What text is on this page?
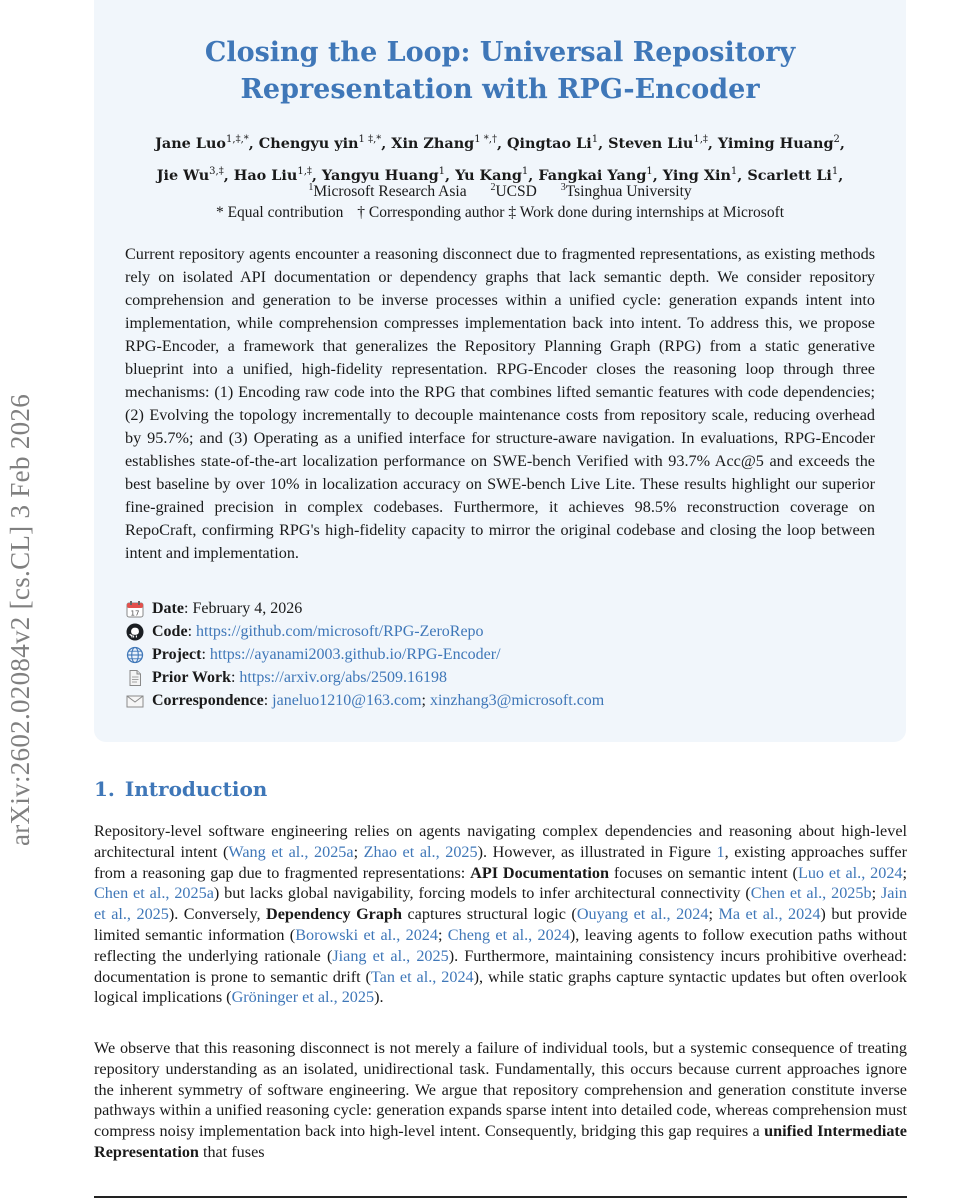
arXiv:2602.02084v2 [cs.CL] 3 Feb 2026
Closing the Loop: Universal Repository
Representation with RPG-Encoder
Jane Luo$^{1,\ddagger,*}$, Chengyu yin$^{1 \ddagger,*}$, Xin Zhang$^{1 *,\dagger}$, Qingtao Li$^1$, Steven Liu$^{1,\ddagger}$, Yiming Huang$^2$,
Jie $Wu^{3,\ddagger}$, Hao Liu$^{1,\ddagger}$, Yangyu Huang$^1$, Yu Kang$^1$, Fangkai Yang$^1$, Ying Xin$^1$, Scarlett Li$^1$,
$^1$Microsoft Research Asia $^2$UCSD $^3$Tsinghua University
* Equal contribution † Corresponding author ‡ Work done during internships at Microsoft
Current repository agents encounter a reasoning disconnect due to fragmented representations, as existing methods rely on isolated API documentation or dependency graphs that lack semantic depth. We consider repository comprehension and generation to be inverse processes within a unified cycle: generation expands intent into implementation, while comprehension compresses implementation back into intent. To address this, we propose RPG-Encoder, a framework that generalizes the Repository Planning Graph (RPG) from a static generative blueprint into a unified, high-fidelity representation. RPG-Encoder closes the reasoning loop through three mechanisms: (1) Encoding raw code into the RPG that combines lifted semantic features with code dependencies; (2) Evolving the topology incrementally to decouple maintenance costs from repository scale, reducing overhead by 95.7%; and (3) Operating as a unified interface for structure-aware navigation. In evaluations, RPG-Encoder establishes state-of-the-art localization performance on SWE-bench Verified with 93.7% Acc@5 and exceeds the best baseline by over 10% in localization accuracy on SWE-bench Live Lite. These results highlight our superior fine-grained precision in complex codebases. Furthermore, it achieves 98.5% reconstruction coverage on RepoCraft, confirming RPG's high-fidelity capacity to mirror the original codebase and closing the loop between intent and implementation.
17 Date : February 4, 2026
Code : https://github.com/microsoft/RPG-ZeroRepo
Project : https://ayanami2003.github.io/RPG-Encoder/
Prior Work : https://arxiv.org/abs/2509.16198
Correspondence : janeluo1210@163.com ; xinzhang3@microsoft.com
1. Introduction
Repository-level software engineering relies on agents navigating complex dependencies and reasoning about high-level architectural intent (Wang et al., 2025a; Zhao et al., 2025). However, as illustrated in Figure 1, existing approaches suffer from a reasoning gap due to fragmented representations: API Documentation focuses on semantic intent (Luo et al., 2024; Chen et al., 2025a) but lacks global navigability, forcing models to infer architectural connectivity (Chen et al., 2025b; Jain et al., 2025). Conversely, Dependency Graph captures structural logic (Ouyang et al., 2024; Ma et al., 2024) but provide limited semantic information (Borowski et al., 2024; Cheng et al., 2024), leaving agents to follow execution paths without reflecting the underlying rationale (Jiang et al., 2025). Furthermore, maintaining consistency incurs prohibitive overhead: documentation is prone to semantic drift (Tan et al., 2024), while static graphs capture syntactic updates but often overlook logical implications (Gröninger et al., 2025).
We observe that this reasoning disconnect is not merely a failure of individual tools, but a systemic consequence of treating repository understanding as an isolated, unidirectional task. Fundamentally, this occurs because current approaches ignore the inherent symmetry of software engineering. We argue that repository comprehension and generation constitute inverse pathways within a unified reasoning cycle: generation expands sparse intent into detailed code, whereas comprehension must compress noisy implementation back into high-level intent. Consequently, bridging this gap requires a unified Intermediate Representation that fuses
